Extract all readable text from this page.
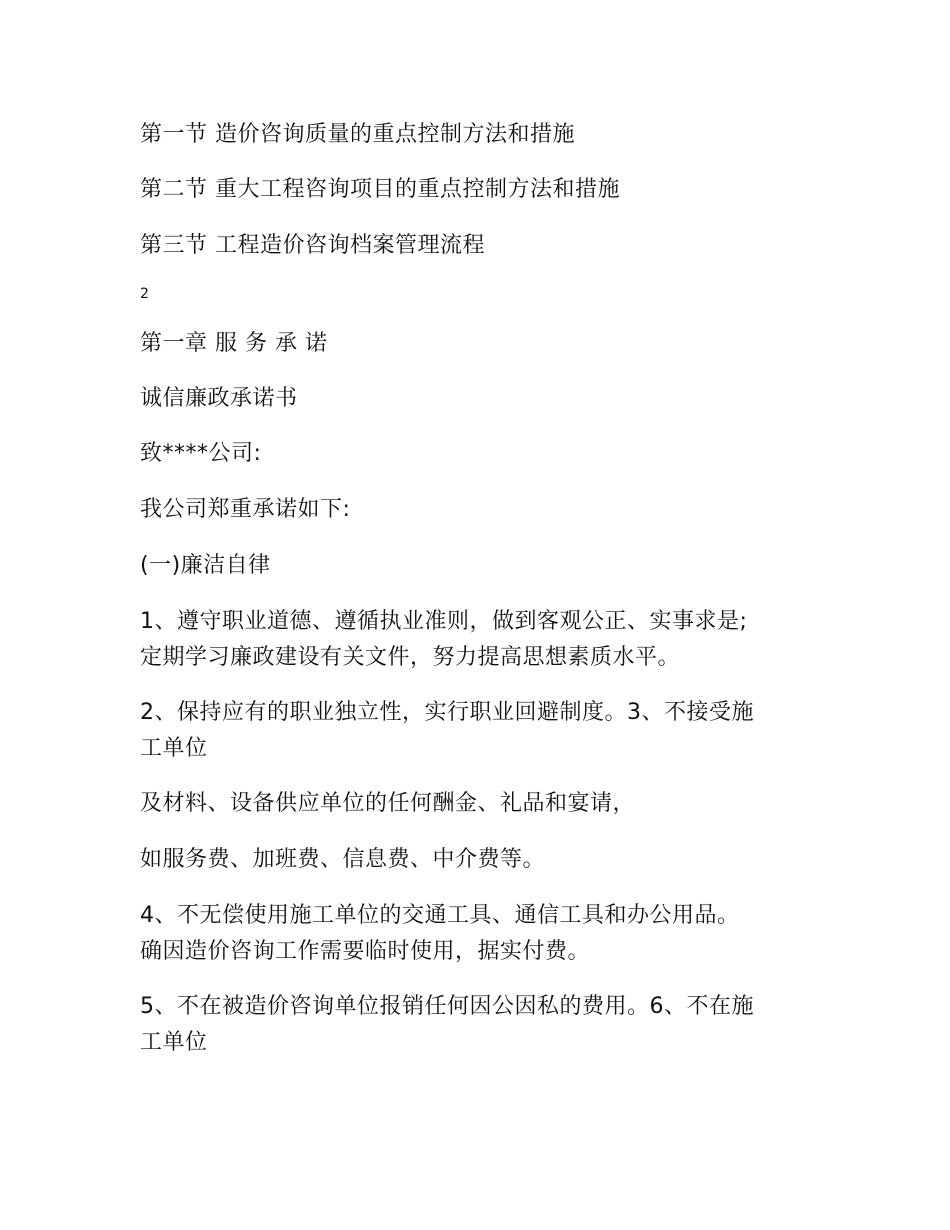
第一节 造价咨询质量的重点控制方法和措施
第二节 重大工程咨询项目的重点控制方法和措施
第三节 工程造价咨询档案管理流程
2
第一章 服 务 承 诺
诚信廉政承诺书
致****公司:
我公司郑重承诺如下:
(一)廉洁自律
1、遵守职业道德、遵循执业准则，做到客观公正、实事求是;
定期学习廉政建设有关文件，努力提高思想素质水平。
2、保持应有的职业独立性，实行职业回避制度。3、不接受施
工单位
及材料、设备供应单位的任何酬金、礼品和宴请，
如服务费、加班费、信息费、中介费等。
4、不无偿使用施工单位的交通工具、通信工具和办公用品。
确因造价咨询工作需要临时使用，据实付费。
5、不在被造价咨询单位报销任何因公因私的费用。6、不在施
工单位
